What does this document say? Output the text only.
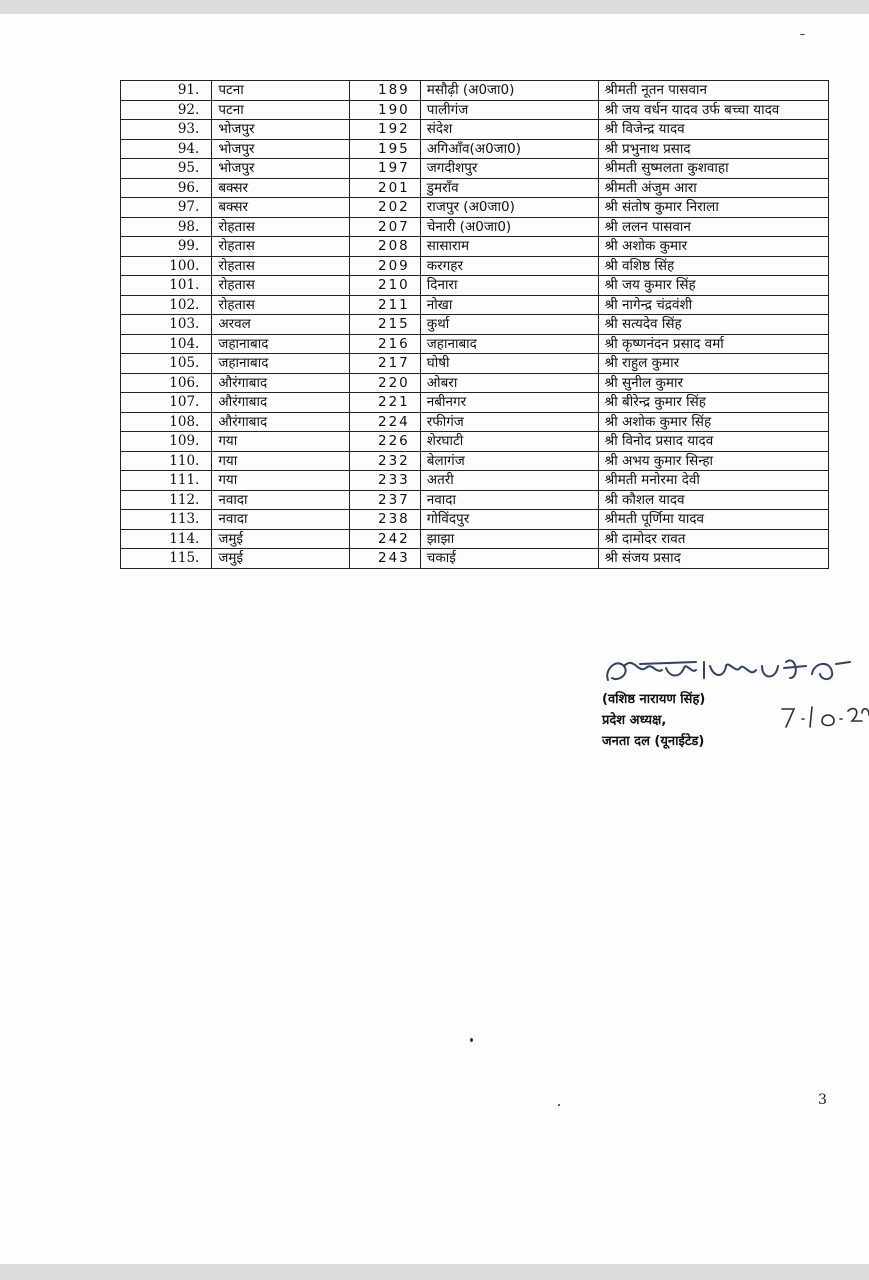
91.	पटना	189	मसौढ़ी (अ0जा0)	श्रीमती नूतन पासवान
92.	पटना	190	पालीगंज	श्री जय वर्धन यादव उर्फ बच्चा यादव
93.	भोजपुर	192	संदेश	श्री विजेन्द्र यादव
94.	भोजपुर	195	अगिआँव(अ0जा0)	श्री प्रभुनाथ प्रसाद
95.	भोजपुर	197	जगदीशपुर	श्रीमती सुष्मलता कुशवाहा
96.	बक्सर	201	डुमराँव	श्रीमती अंजुम आरा
97.	बक्सर	202	राजपुर (अ0जा0)	श्री संतोष कुमार निराला
98.	रोहतास	207	चेनारी (अ0जा0)	श्री ललन पासवान
99.	रोहतास	208	सासाराम	श्री अशोक कुमार
100.	रोहतास	209	करगहर	श्री वशिष्ठ सिंह
101.	रोहतास	210	दिनारा	श्री जय कुमार सिंह
102.	रोहतास	211	नोखा	श्री नागेन्द्र चंद्रवंशी
103.	अरवल	215	कुर्था	श्री सत्यदेव सिंह
104.	जहानाबाद	216	जहानाबाद	श्री कृष्णनंदन प्रसाद वर्मा
105.	जहानाबाद	217	घोषी	श्री राहुल कुमार
106.	औरंगाबाद	220	ओबरा	श्री सुनील कुमार
107.	औरंगाबाद	221	नबीनगर	श्री बीरेन्द्र कुमार सिंह
108.	औरंगाबाद	224	रफीगंज	श्री अशोक कुमार सिंह
109.	गया	226	शेरघाटी	श्री विनोद प्रसाद यादव
110.	गया	232	बेलागंज	श्री अभय कुमार सिन्हा
111.	गया	233	अतरी	श्रीमती मनोरमा देवी
112.	नवादा	237	नवादा	श्री कौशल यादव
113.	नवादा	238	गोविंदपुर	श्रीमती पूर्णिमा यादव
114.	जमुई	242	झाझा	श्री दामोदर रावत
115.	जमुई	243	चकाई	श्री संजय प्रसाद
(वशिष्ठ नारायण सिंह)
प्रदेश अध्यक्ष,
जनता दल (यूनाईटेड)
3
